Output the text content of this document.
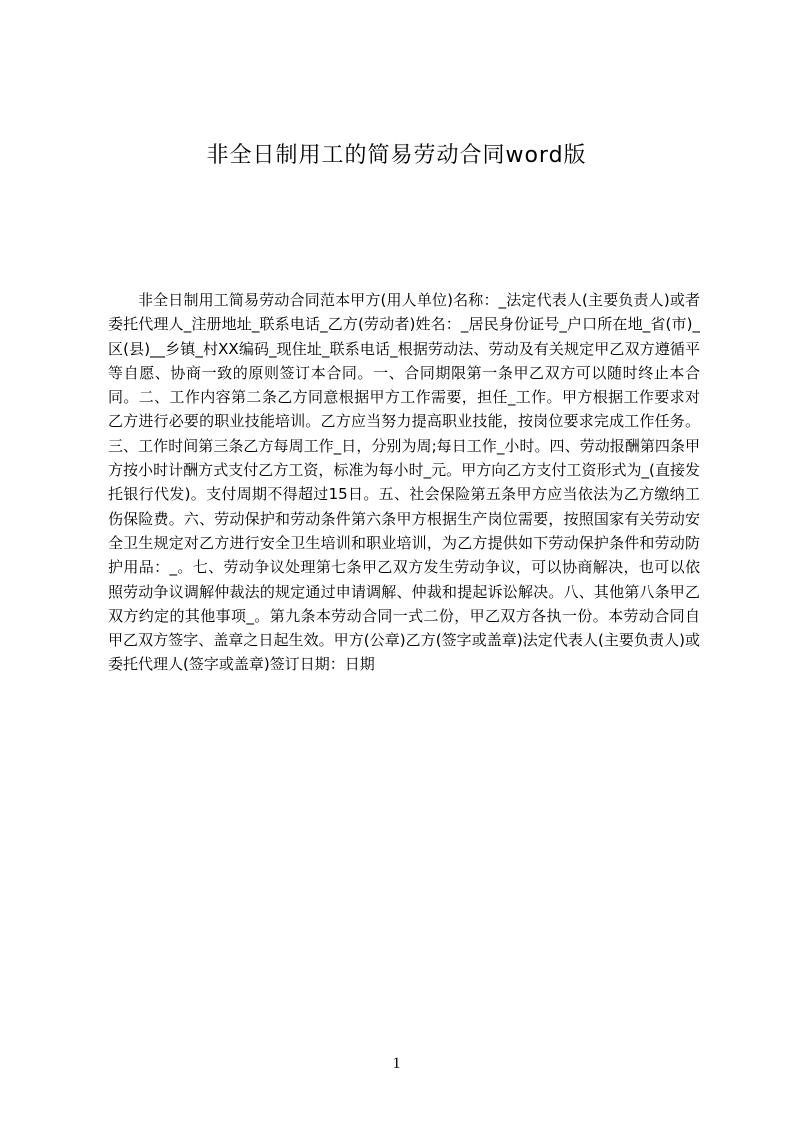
非全日制用工的简易劳动合同word版
非全日制用工简易劳动合同范本甲方(用人单位)名称：_法定代表人(主要负责人)或者委托代理人_注册地址_联系电话_乙方(劳动者)姓名：_居民身份证号_户口所在地_省(市)_区(县)__乡镇_村XX编码_现住址_联系电话_根据劳动法、劳动及有关规定甲乙双方遵循平等自愿、协商一致的原则签订本合同。一、合同期限第一条甲乙双方可以随时终止本合同。二、工作内容第二条乙方同意根据甲方工作需要，担任_工作。甲方根据工作要求对乙方进行必要的职业技能培训。乙方应当努力提高职业技能，按岗位要求完成工作任务。三、工作时间第三条乙方每周工作_日，分别为周;每日工作_小时。四、劳动报酬第四条甲方按小时计酬方式支付乙方工资，标准为每小时_元。甲方向乙方支付工资形式为_(直接发托银行代发)。支付周期不得超过15日。五、社会保险第五条甲方应当依法为乙方缴纳工伤保险费。六、劳动保护和劳动条件第六条甲方根据生产岗位需要，按照国家有关劳动安全卫生规定对乙方进行安全卫生培训和职业培训，为乙方提供如下劳动保护条件和劳动防护用品：_。七、劳动争议处理第七条甲乙双方发生劳动争议，可以协商解决，也可以依照劳动争议调解仲裁法的规定通过申请调解、仲裁和提起诉讼解决。八、其他第八条甲乙双方约定的其他事项_。第九条本劳动合同一式二份，甲乙双方各执一份。本劳动合同自甲乙双方签字、盖章之日起生效。甲方(公章)乙方(签字或盖章)法定代表人(主要负责人)或委托代理人(签字或盖章)签订日期：日期
1
